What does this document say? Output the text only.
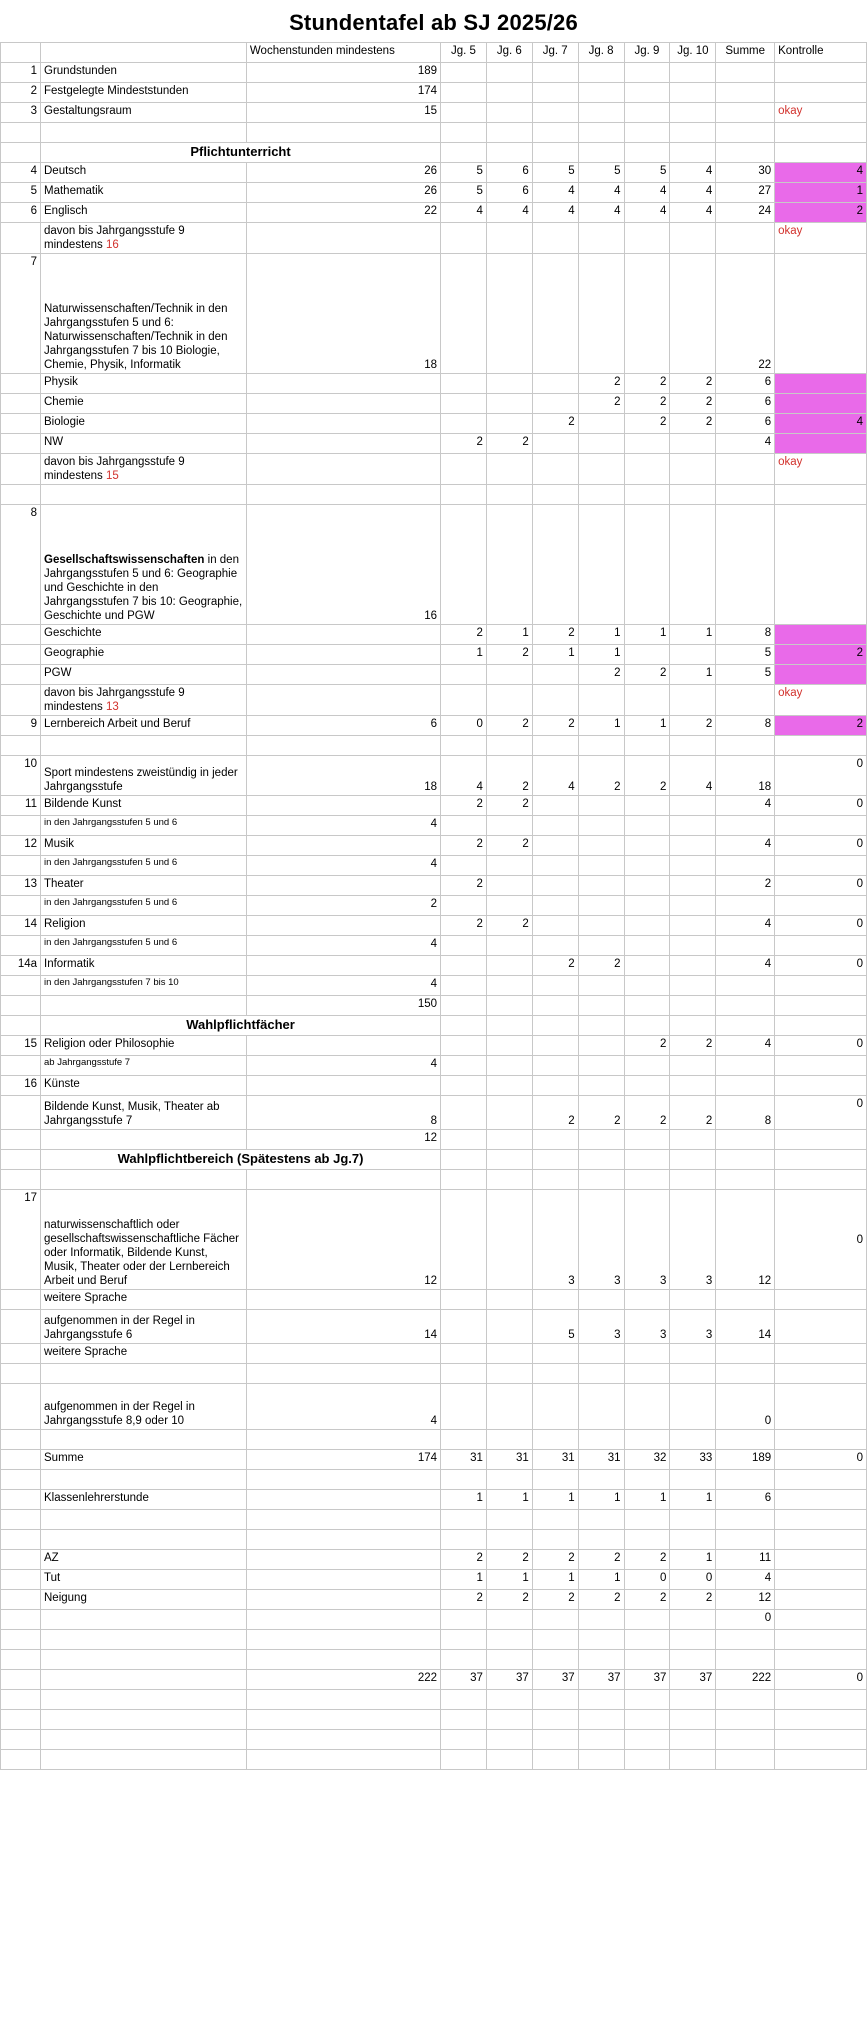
Stundentafel ab SJ 2025/26
		Wochenstunden mindestens	Jg. 5	Jg. 6	Jg. 7	Jg. 8	Jg. 9	Jg. 10	Summe	Kontrolle
1	Grundstunden	189								
2	Festgelegte Mindeststunden	174								
3	Gestaltungsraum	15								okay

	Pflichtunterricht									
4	Deutsch	26	5	6	5	5	5	4	30	4
5	Mathematik	26	5	6	4	4	4	4	27	1
6	Englisch	22	4	4	4	4	4	4	24	2
	davon bis Jahrgangsstufe 9 mindestens 16									okay
7	Naturwissenschaften/Technik in den Jahrgangsstufen 5 und 6:
Naturwissenschaften/Technik in den Jahrgangsstufen 7 bis 10 Biologie, Chemie, Physik, Informatik	18							22	
	Physik					2	2	2	6	
	Chemie					2	2	2	6	
	Biologie				2		2	2	6	4
	NW		2	2					4	
	davon bis Jahrgangsstufe 9 mindestens 15									okay

8	Gesellschaftswissenschaften in den Jahrgangsstufen 5 und 6: Geographie und Geschichte in den Jahrgangsstufen 7 bis 10: Geographie, Geschichte und PGW	16								
	Geschichte		2	1	2	1	1	1	8	
	Geographie		1	2	1	1			5	2
	PGW					2	2	1	5	
	davon bis Jahrgangsstufe 9 mindestens 13									okay
9	Lernbereich Arbeit und Beruf	6	0	2	2	1	1	2	8	2

10	Sport mindestens zweistündig in jeder Jahrgangsstufe	18	4	2	4	2	2	4	18	0
11	Bildende Kunst		2	2					4	0
	in den Jahrgangsstufen 5 und 6	4								
12	Musik		2	2					4	0
	in den Jahrgangsstufen 5 und 6	4								
13	Theater		2						2	0
	in den Jahrgangsstufen 5 und 6	2								
14	Religion		2	2					4	0
	in den Jahrgangsstufen 5 und 6	4								
14a	Informatik				2	2			4	0
	in den Jahrgangsstufen 7 bis 10	4								
		150								
	Wahlpflichtfächer									
15	Religion oder Philosophie						2	2	4	0
	ab Jahrgangsstufe 7	4								
16	Künste									
	Bildende Kunst, Musik, Theater ab Jahrgangsstufe 7	8			2	2	2	2	8	0
		12								
	Wahlpflichtbereich (Spätestens ab Jg.7)									

17	naturwissenschaftlich oder gesellschaftswissenschaftliche Fächer oder Informatik, Bildende Kunst, Musik, Theater oder der Lernbereich Arbeit und Beruf	12			3	3	3	3	12	0
	weitere Sprache									
	aufgenommen in der Regel in Jahrgangsstufe 6	14			5	3	3	3	14	
	weitere Sprache									

	aufgenommen in der Regel in Jahrgangsstufe 8,9 oder 10	4							0	

	Summe	174	31	31	31	31	32	33	189	0

	Klassenlehrerstunde		1	1	1	1	1	1	6	

	AZ		2	2	2	2	2	1	11	
	Tut		1	1	1	1	0	0	4	
	Neigung		2	2	2	2	2	2	12	
									0	

		222	37	37	37	37	37	37	222	0
